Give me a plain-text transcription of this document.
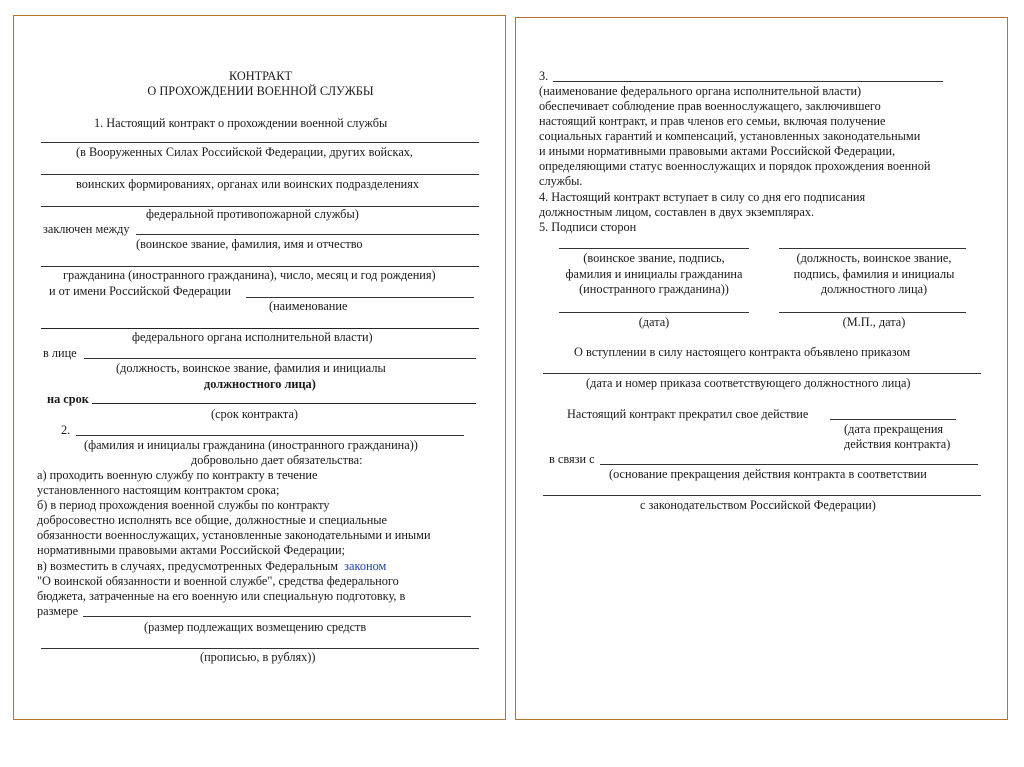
КОНТРАКТ
О ПРОХОЖДЕНИИ ВОЕННОЙ СЛУЖБЫ
1. Настоящий контракт о прохождении военной службы
(в Вооруженных Силах Российской Федерации, других войсках,
воинских формированиях, органах или воинских подразделениях
федеральной противопожарной службы)
заключен между
(воинское звание, фамилия, имя и отчество
гражданина (иностранного гражданина), число, месяц и год рождения)
и от имени Российской Федерации
(наименование
федерального органа исполнительной власти)
в лице
(должность, воинское звание, фамилия и инициалы
должностного лица)
на срок
(срок контракта)
2.
(фамилия и инициалы гражданина (иностранного гражданина))
добровольно дает обязательства:
а) проходить военную службу по контракту в течение
установленного настоящим контрактом срока;
б) в период прохождения военной службы по контракту
добросовестно исполнять все общие, должностные и специальные
обязанности военнослужащих, установленные законодательными и иными
нормативными правовыми актами Российской Федерации;
в) возместить в случаях, предусмотренных Федеральным законом
"О воинской обязанности и военной службе", средства федерального
бюджета, затраченные на его военную или специальную подготовку, в
размере
(размер подлежащих возмещению средств
(прописью, в рублях))
3.
(наименование федерального органа исполнительной власти)
обеспечивает соблюдение прав военнослужащего, заключившего
настоящий контракт, и прав членов его семьи, включая получение
социальных гарантий и компенсаций, установленных законодательными
и иными нормативными правовыми актами Российской Федерации,
определяющими статус военнослужащих и порядок прохождения военной
службы.
4. Настоящий контракт вступает в силу со дня его подписания
должностным лицом, составлен в двух экземплярах.
5. Подписи сторон
(воинское звание, подпись,
фамилия и инициалы гражданина
(иностранного гражданина))
(должность, воинское звание,
подпись, фамилия и инициалы
должностного лица)
(дата)	(М.П., дата)
О вступлении в силу настоящего контракта объявлено приказом
(дата и номер приказа соответствующего должностного лица)
Настоящий контракт прекратил свое действие
(дата прекращения
действия контракта)
в связи с
(основание прекращения действия контракта в соответствии
с законодательством Российской Федерации)
